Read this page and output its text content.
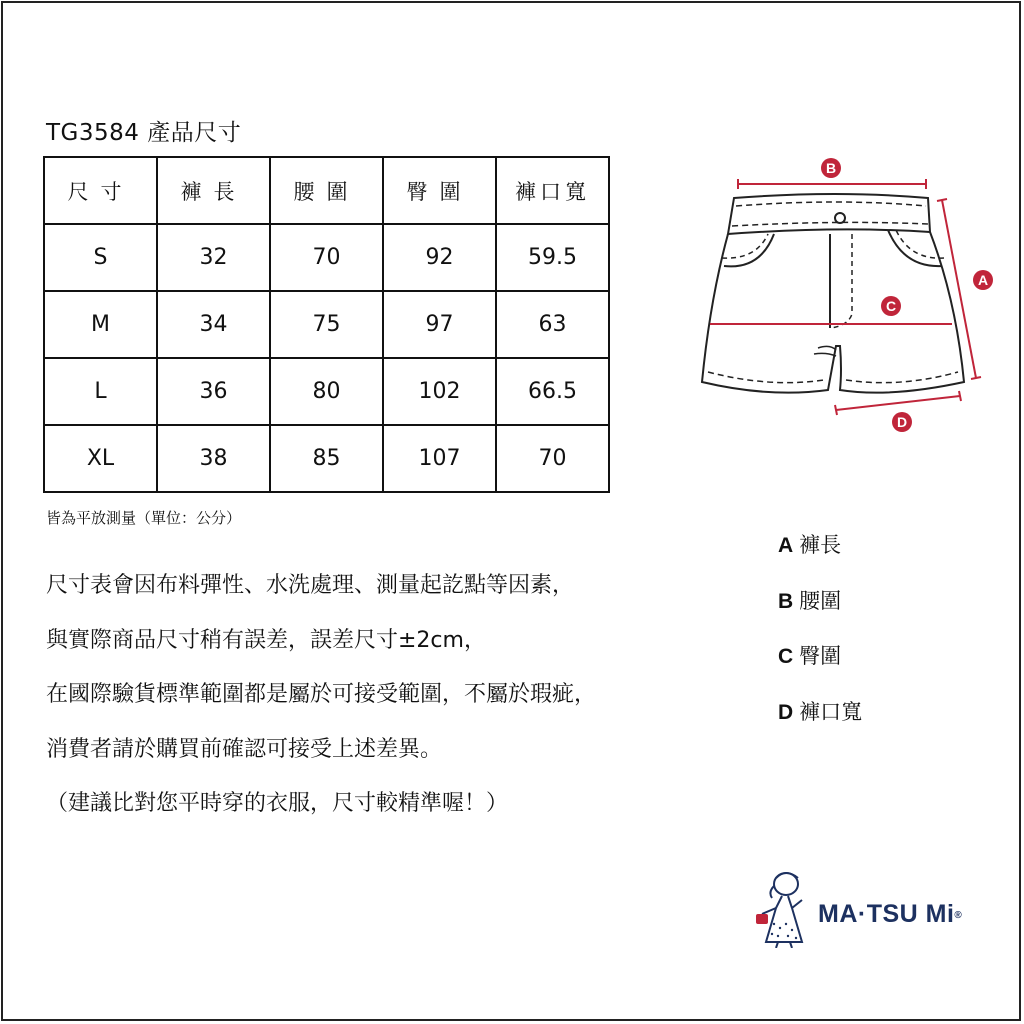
TG3584 產品尺寸
尺寸	褲長	腰圍	臀圍	褲口寬
S	32	70	92	59.5
M	34	75	97	63
L	36	80	102	66.5
XL	38	85	107	70
皆為平放測量（單位：公分）
尺寸表會因布料彈性、水洗處理、測量起訖點等因素，
與實際商品尺寸稍有誤差，誤差尺寸±2cm，
在國際驗貨標準範圍都是屬於可接受範圍，不屬於瑕疵，
消費者請於購買前確認可接受上述差異。
（建議比對您平時穿的衣服，尺寸較精準喔！）
B
C
A
D
A 褲長
B 腰圍
C 臀圍
D 褲口寬
MA·TSU Mi®
